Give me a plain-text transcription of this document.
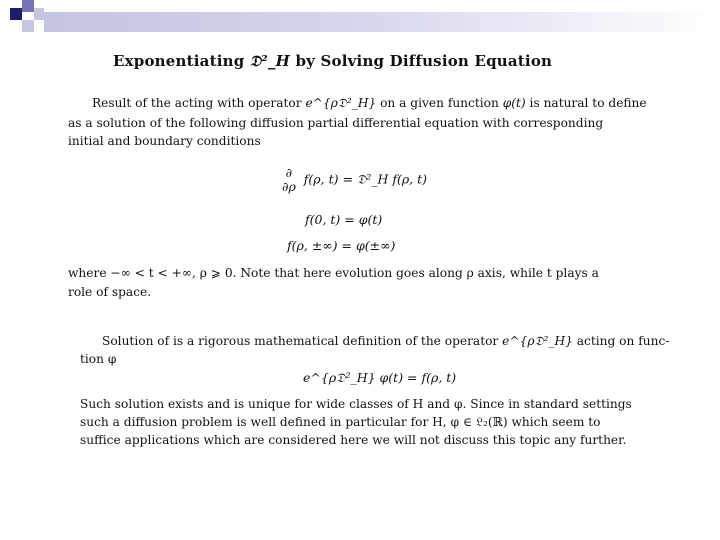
Exponentiating 𝔇²_H by Solving Diffusion Equation
Result of the acting with operator e^{ρ𝔇²_H} on a given function φ(t) is natural to define
as a solution of the following diffusion partial differential equation with corresponding
initial and boundary conditions
∂
∂ρ f(ρ, t) = 𝔇²_H f(ρ, t)
f(0, t) = φ(t)
f(ρ, ±∞) = φ(±∞)
where −∞ < t < +∞, ρ ⩾ 0. Note that here evolution goes along ρ axis, while t plays a
role of space.
Solution of is a rigorous mathematical definition of the operator e^{ρ𝔇²_H} acting on func-
tion φ
e^{ρ𝔇²_H} φ(t) = f(ρ, t)
Such solution exists and is unique for wide classes of H and φ. Since in standard settings
such a diffusion problem is well defined in particular for H, φ ∈ 𝔏₂(ℝ) which seem to
suffice applications which are considered here we will not discuss this topic any further.
